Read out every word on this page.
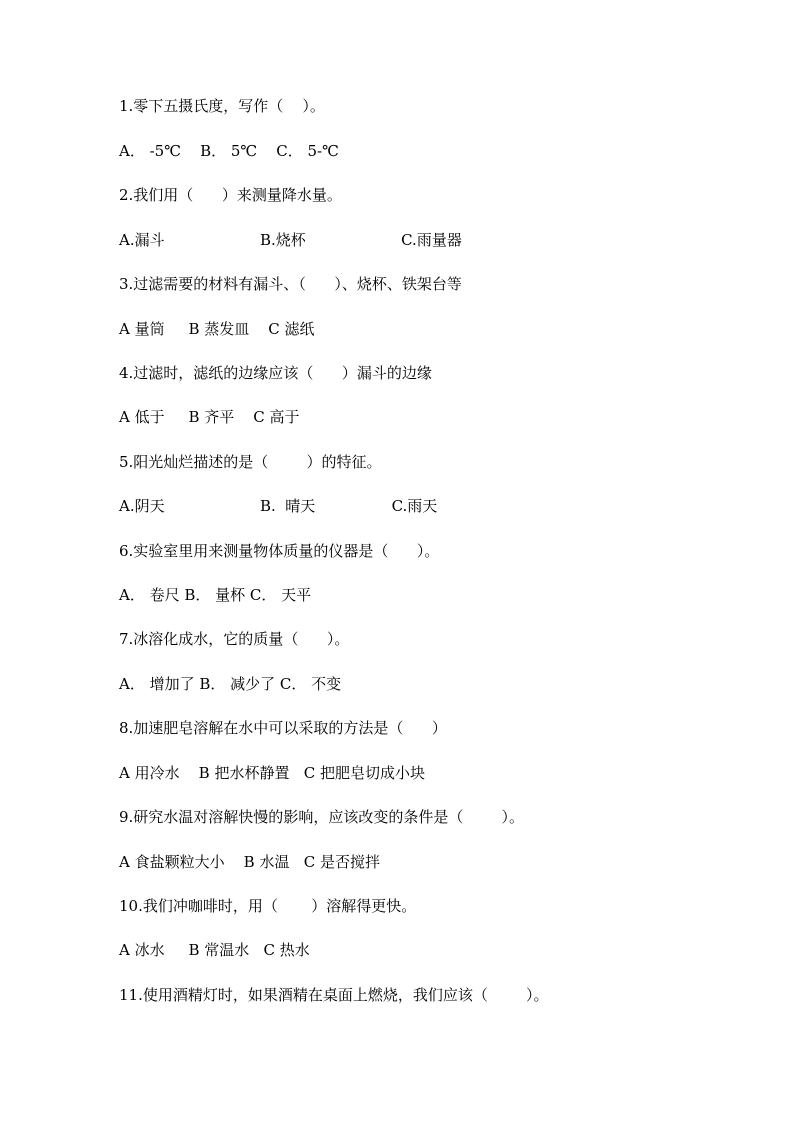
1.零下五摄氏度，写作（    ）。
A． -5℃    B． 5℃    C． 5-℃
2.我们用（      ）来测量降水量。
A.漏斗                    B.烧杯                    C.雨量器
3.过滤需要的材料有漏斗、（      ）、烧杯、铁架台等
A 量筒     B 蒸发皿    C 滤纸
4.过滤时，滤纸的边缘应该（      ）漏斗的边缘
A 低于     B 齐平    C 高于
5.阳光灿烂描述的是（        ）的特征。
A.阴天                    B.  晴天                C.雨天
6.实验室里用来测量物体质量的仪器是（      ）。
A． 卷尺 B． 量杯 C． 天平
7.冰溶化成水，它的质量（      ）。
A． 增加了 B． 减少了 C． 不变
8.加速肥皂溶解在水中可以采取的方法是（      ）
A 用冷水    B 把水杯静置   C 把肥皂切成小块
9.研究水温对溶解快慢的影响，应该改变的条件是（        ）。
A 食盐颗粒大小    B 水温   C 是否搅拌
10.我们冲咖啡时，用（       ）溶解得更快。
A 冰水     B 常温水   C 热水
11.使用酒精灯时，如果酒精在桌面上燃烧，我们应该（        ）。
